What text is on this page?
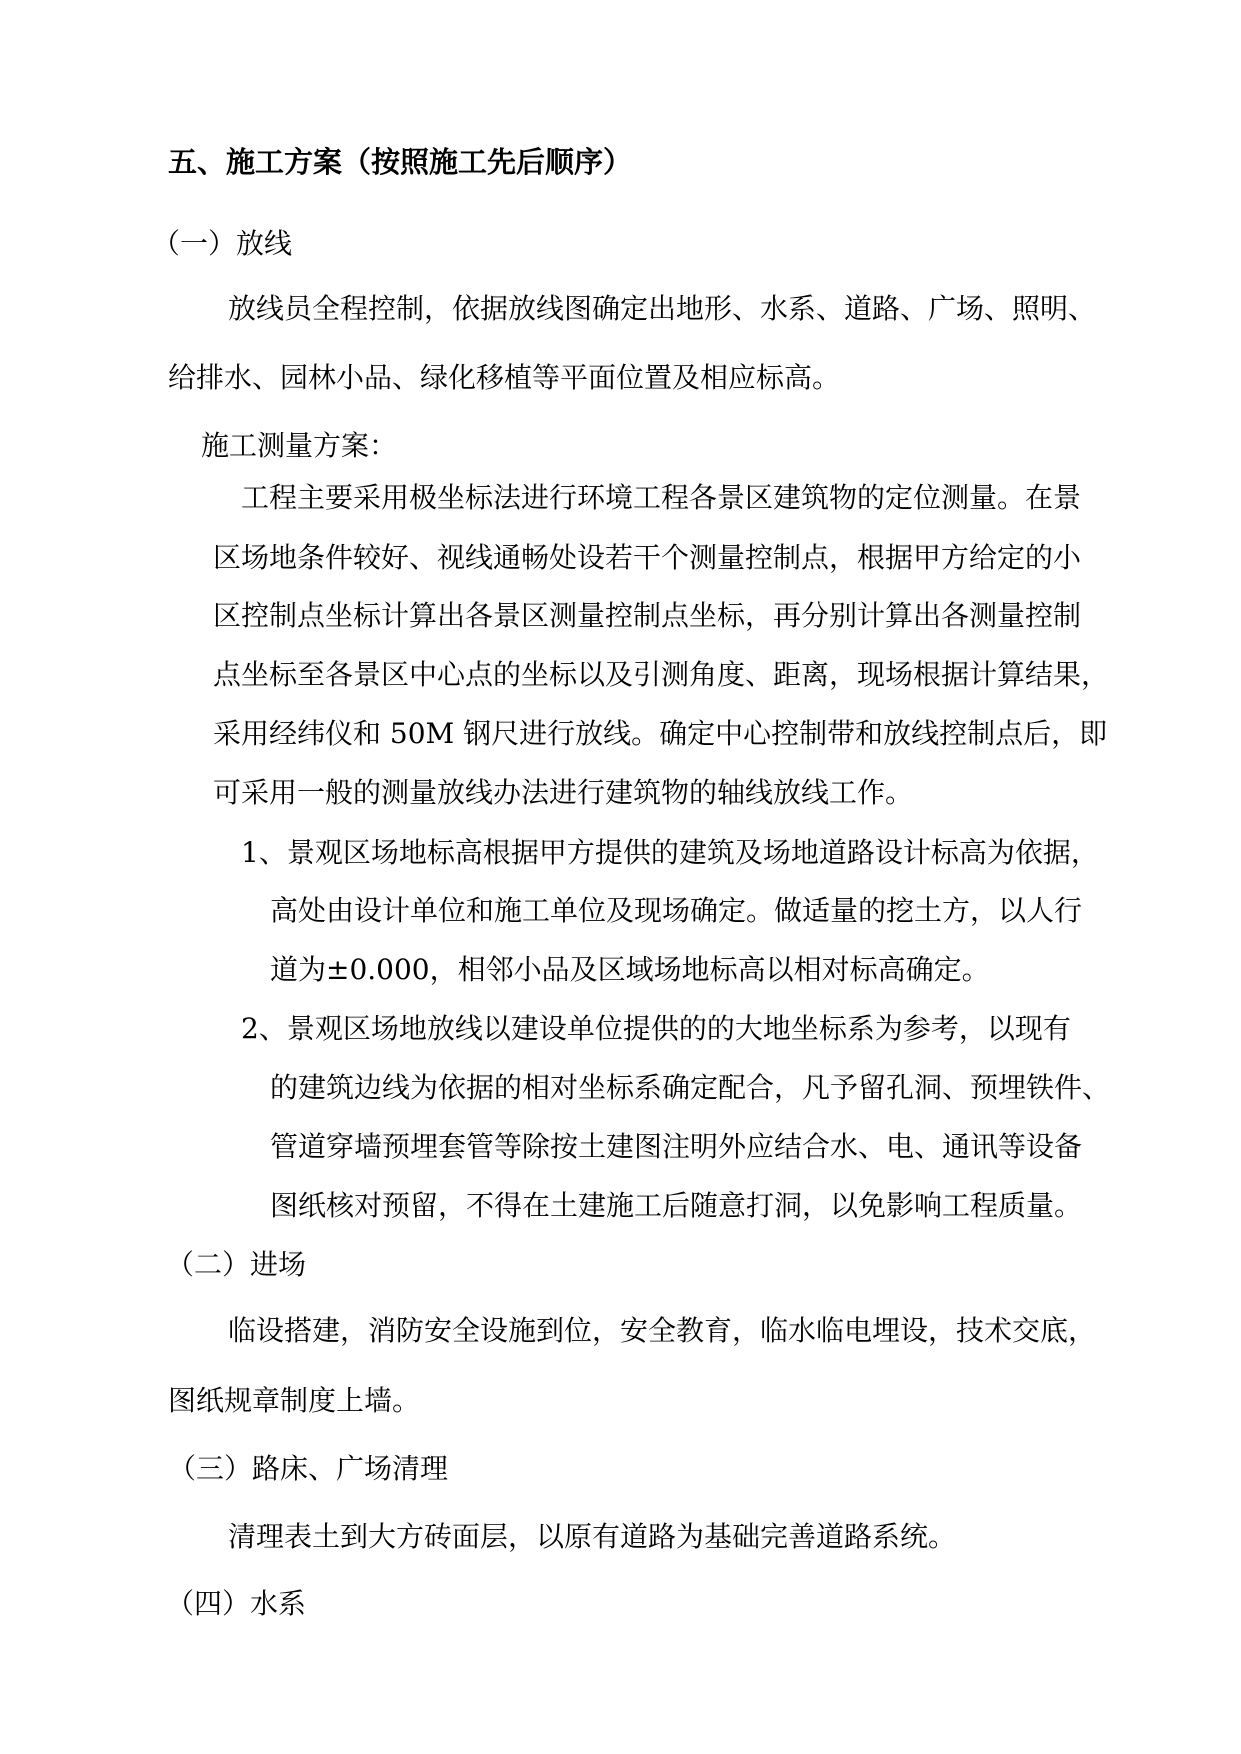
五、施工方案（按照施工先后顺序）
（一）放线
放线员全程控制，依据放线图确定出地形、水系、道路、广场、照明、
给排水、园林小品、绿化移植等平面位置及相应标高。
施工测量方案：
工程主要采用极坐标法进行环境工程各景区建筑物的定位测量。在景
区场地条件较好、视线通畅处设若干个测量控制点，根据甲方给定的小
区控制点坐标计算出各景区测量控制点坐标，再分别计算出各测量控制
点坐标至各景区中心点的坐标以及引测角度、距离，现场根据计算结果，
采用经纬仪和 50M 钢尺进行放线。确定中心控制带和放线控制点后，即
可采用一般的测量放线办法进行建筑物的轴线放线工作。
1、景观区场地标高根据甲方提供的建筑及场地道路设计标高为依据，
高处由设计单位和施工单位及现场确定。做适量的挖土方，以人行
道为±0.000，相邻小品及区域场地标高以相对标高确定。
2、景观区场地放线以建设单位提供的的大地坐标系为参考，以现有
的建筑边线为依据的相对坐标系确定配合，凡予留孔洞、预埋铁件、
管道穿墙预埋套管等除按土建图注明外应结合水、电、通讯等设备
图纸核对预留，不得在土建施工后随意打洞，以免影响工程质量。
（二）进场
临设搭建，消防安全设施到位，安全教育，临水临电埋设，技术交底，
图纸规章制度上墙。
（三）路床、广场清理
清理表土到大方砖面层，以原有道路为基础完善道路系统。
（四）水系
